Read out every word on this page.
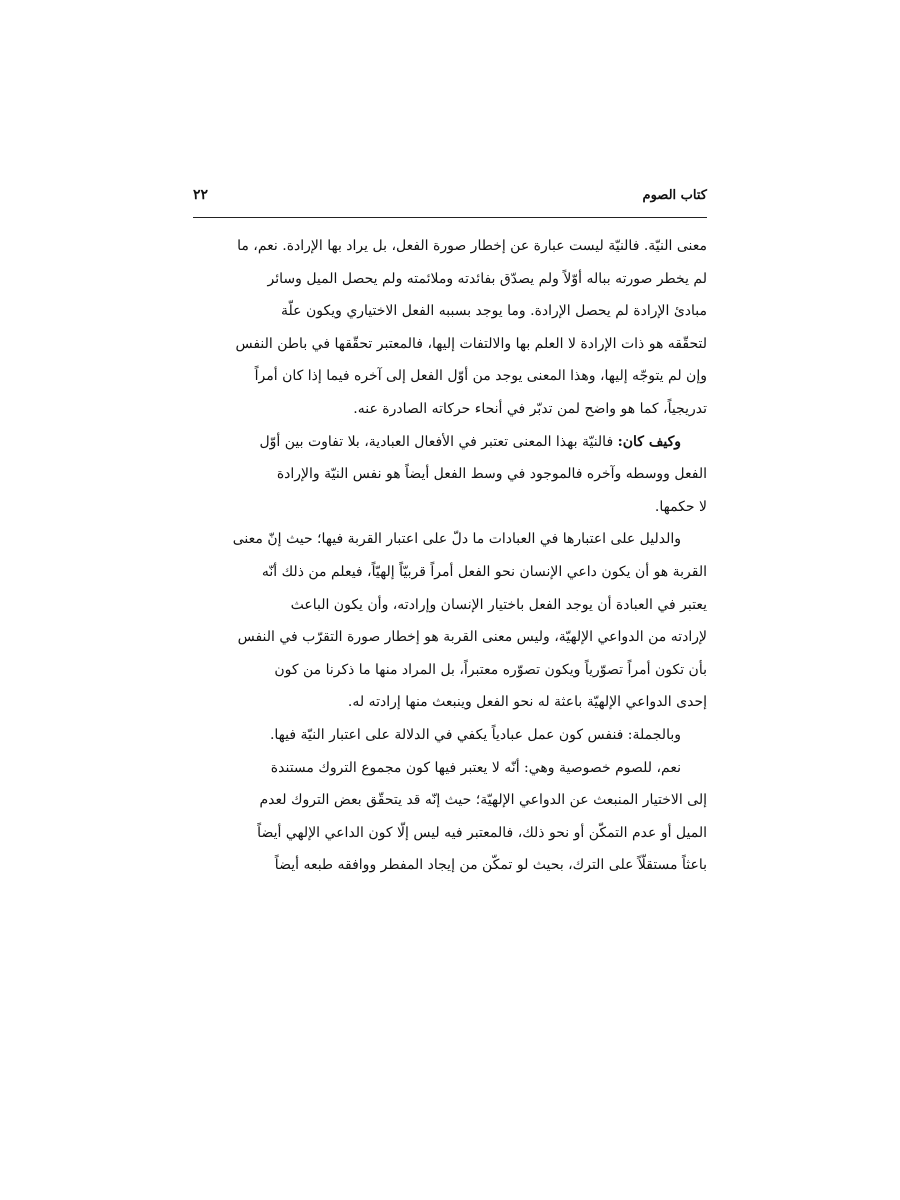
كتاب الصوم
٢٢
معنى النيّة. فالنيّة ليست عبارة عن إخطار صورة الفعل، بل يراد بها الإرادة. نعم، ما
لم يخطر صورته بباله أوّلاً ولم يصدّق بفائدته وملائمته ولم يحصل الميل وسائر
مبادئ الإرادة لم يحصل الإرادة. وما يوجد بسببه الفعل الاختياري ويكون علّة
لتحقّقه هو ذات الإرادة لا العلم بها والالتفات إليها، فالمعتبر تحقّقها في باطن النفس
وإن لم يتوجّه إليها، وهذا المعنى يوجد من أوّل الفعل إلى آخره فيما إذا كان أمراً
تدريجياً، كما هو واضح لمن تدبّر في أنحاء حركاته الصادرة عنه.
وكيف كان: فالنيّة بهذا المعنى تعتبر في الأفعال العبادية، بلا تفاوت بين أوّل
الفعل ووسطه وآخره فالموجود في وسط الفعل أيضاً هو نفس النيّة والإرادة
لا حكمها.
والدليل على اعتبارها في العبادات ما دلّ على اعتبار القربة فيها؛ حيث إنّ معنى
القربة هو أن يكون داعي الإنسان نحو الفعل أمراً قربيّاً إلهيّاً، فيعلم من ذلك أنّه
يعتبر في العبادة أن يوجد الفعل باختيار الإنسان وإرادته، وأن يكون الباعث
لإرادته من الدواعي الإلهيّة، وليس معنى القربة هو إخطار صورة التقرّب في النفس
بأن تكون أمراً تصوّرياً ويكون تصوّره معتبراً، بل المراد منها ما ذكرنا من كون
إحدى الدواعي الإلهيّة باعثة له نحو الفعل وينبعث منها إرادته له.
وبالجملة: فنفس كون عمل عبادياً يكفي في الدلالة على اعتبار النيّة فيها.
نعم، للصوم خصوصية وهي: أنّه لا يعتبر فيها كون مجموع التروك مستندة
إلى الاختيار المنبعث عن الدواعي الإلهيّة؛ حيث إنّه قد يتحقّق بعض التروك لعدم
الميل أو عدم التمكّن أو نحو ذلك، فالمعتبر فيه ليس إلّا كون الداعي الإلهي أيضاً
باعثاً مستقلّاً على الترك، بحيث لو تمكّن من إيجاد المفطر ووافقه طبعه أيضاً
